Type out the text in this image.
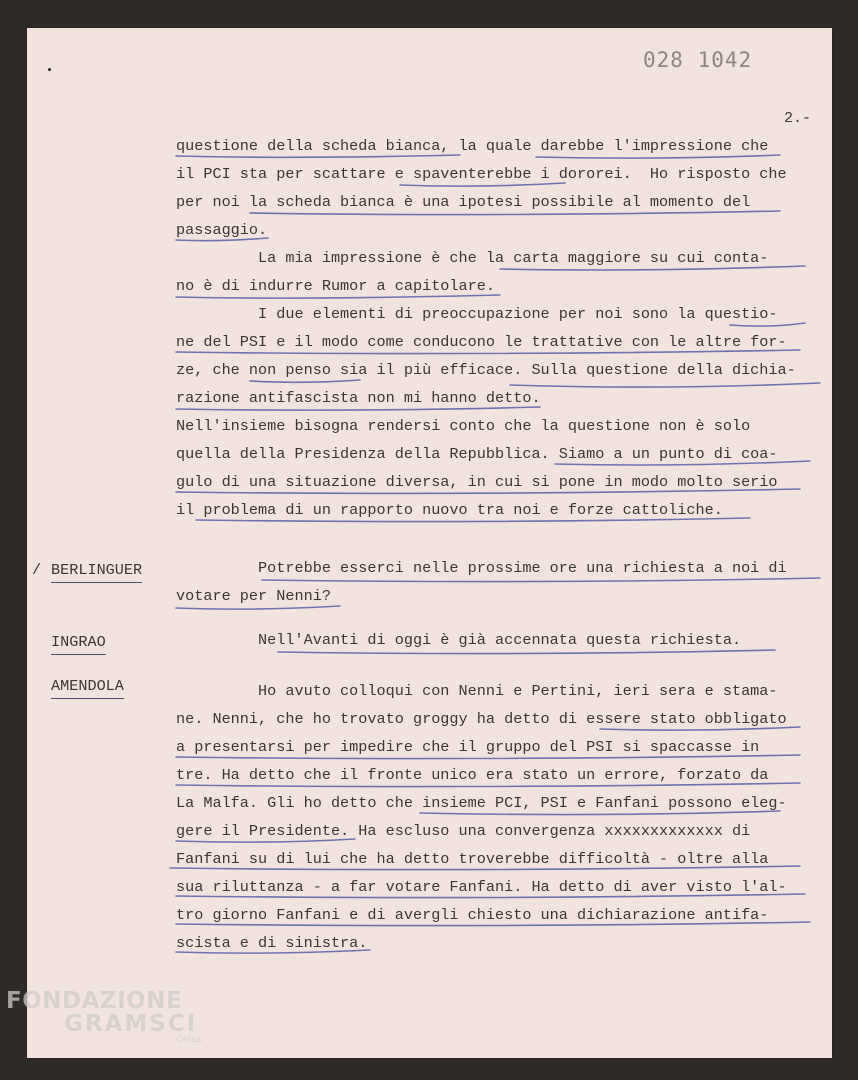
028 1042
2.-
questione della scheda bianca, la quale darebbe l'impressione che
il PCI sta per scattare e spaventerebbe i dororei.  Ho risposto che
per noi la scheda bianca è una ipotesi possibile al momento del
passaggio.
La mia impressione è che la carta maggiore su cui conta-
no è di indurre Rumor a capitolare.
I due elementi di preoccupazione per noi sono la questio-
ne del PSI e il modo come conducono le trattative con le altre for-
ze, che non penso sia il più efficace. Sulla questione della dichia-
razione antifascista non mi hanno detto.
Nell'insieme bisogna rendersi conto che la questione non è solo
quella della Presidenza della Repubblica. Siamo a un punto di coa-
gulo di una situazione diversa, in cui si pone in modo molto serio
il problema di un rapporto nuovo tra noi e forze cattoliche.
/ BERLINGUER Potrebbe esserci nelle prossime ore una richiesta a noi di
votare per Nenni?
INGRAO	Nell'Avanti di oggi è già accennata questa richiesta.
AMENDOLA	Ho avuto colloqui con Nenni e Pertini, ieri sera e stama-
ne. Nenni, che ho trovato groggy ha detto di essere stato obbligato
a presentarsi per impedire che il gruppo del PSI si spaccasse in
tre. Ha detto che il fronte unico era stato un errore, forzato da
La Malfa. Gli ho detto che insieme PCI, PSI e Fanfani possono eleg-
gere il Presidente. Ha escluso una convergenza xxxxxxxxxxxxx di
Fanfani su di lui che ha detto troverebbe difficoltà - oltre alla
sua riluttanza - a far votare Fanfani. Ha detto di aver visto l'al-
tro giorno Fanfani e di avergli chiesto una dichiarazione antifa-
scista e di sinistra.
FONDAZIONE
GRAMSCI
Onlus
